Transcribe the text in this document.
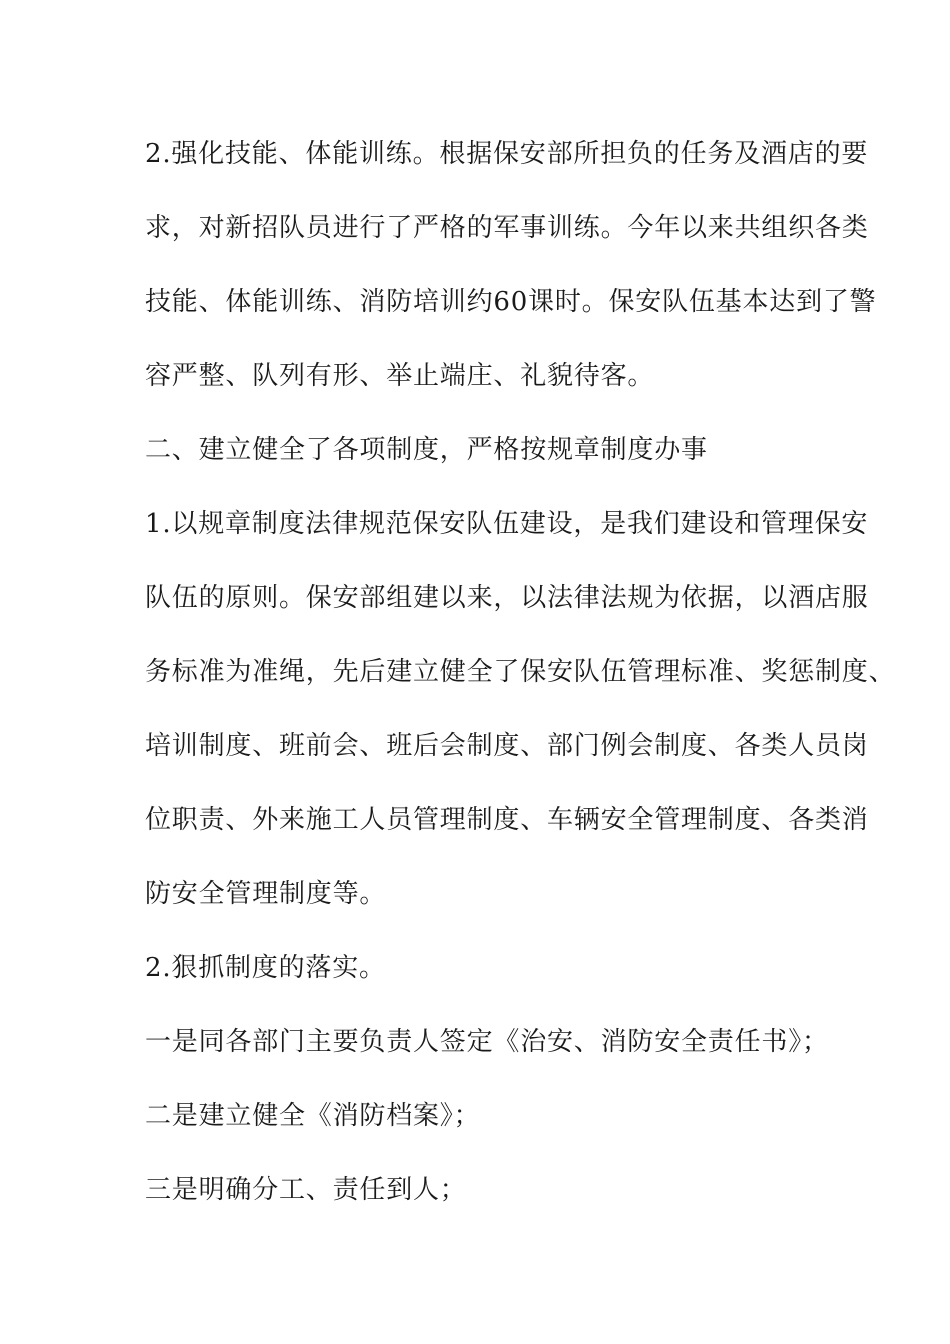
2.强化技能、体能训练。根据保安部所担负的任务及酒店的要
求，对新招队员进行了严格的军事训练。今年以来共组织各类
技能、体能训练、消防培训约60课时。保安队伍基本达到了警
容严整、队列有形、举止端庄、礼貌待客。
二、建立健全了各项制度，严格按规章制度办事
1.以规章制度法律规范保安队伍建设，是我们建设和管理保安
队伍的原则。保安部组建以来，以法律法规为依据，以酒店服
务标准为准绳，先后建立健全了保安队伍管理标准、奖惩制度、
培训制度、班前会、班后会制度、部门例会制度、各类人员岗
位职责、外来施工人员管理制度、车辆安全管理制度、各类消
防安全管理制度等。
2.狠抓制度的落实。
一是同各部门主要负责人签定《治安、消防安全责任书》；
二是建立健全《消防档案》；
三是明确分工、责任到人；
